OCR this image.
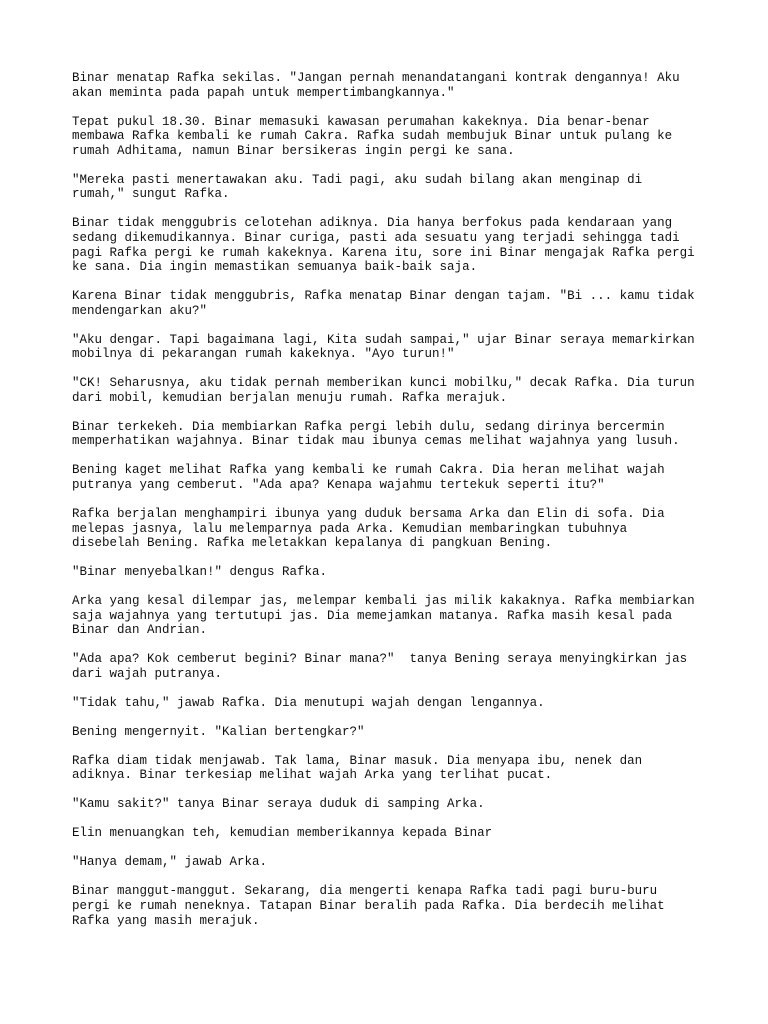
Binar menatap Rafka sekilas. "Jangan pernah menandatangani kontrak dengannya! Aku
akan meminta pada papah untuk mempertimbangkannya."

Tepat pukul 18.30. Binar memasuki kawasan perumahan kakeknya. Dia benar-benar
membawa Rafka kembali ke rumah Cakra. Rafka sudah membujuk Binar untuk pulang ke
rumah Adhitama, namun Binar bersikeras ingin pergi ke sana.

"Mereka pasti menertawakan aku. Tadi pagi, aku sudah bilang akan menginap di
rumah," sungut Rafka.

Binar tidak menggubris celotehan adiknya. Dia hanya berfokus pada kendaraan yang
sedang dikemudikannya. Binar curiga, pasti ada sesuatu yang terjadi sehingga tadi
pagi Rafka pergi ke rumah kakeknya. Karena itu, sore ini Binar mengajak Rafka pergi
ke sana. Dia ingin memastikan semuanya baik-baik saja.

Karena Binar tidak menggubris, Rafka menatap Binar dengan tajam. "Bi ... kamu tidak
mendengarkan aku?"

"Aku dengar. Tapi bagaimana lagi, Kita sudah sampai," ujar Binar seraya memarkirkan
mobilnya di pekarangan rumah kakeknya. "Ayo turun!"

"CK! Seharusnya, aku tidak pernah memberikan kunci mobilku," decak Rafka. Dia turun
dari mobil, kemudian berjalan menuju rumah. Rafka merajuk.

Binar terkekeh. Dia membiarkan Rafka pergi lebih dulu, sedang dirinya bercermin
memperhatikan wajahnya. Binar tidak mau ibunya cemas melihat wajahnya yang lusuh.

Bening kaget melihat Rafka yang kembali ke rumah Cakra. Dia heran melihat wajah
putranya yang cemberut. "Ada apa? Kenapa wajahmu tertekuk seperti itu?"

Rafka berjalan menghampiri ibunya yang duduk bersama Arka dan Elin di sofa. Dia
melepas jasnya, lalu melemparnya pada Arka. Kemudian membaringkan tubuhnya
disebelah Bening. Rafka meletakkan kepalanya di pangkuan Bening.

"Binar menyebalkan!" dengus Rafka.

Arka yang kesal dilempar jas, melempar kembali jas milik kakaknya. Rafka membiarkan
saja wajahnya yang tertutupi jas. Dia memejamkan matanya. Rafka masih kesal pada
Binar dan Andrian.

"Ada apa? Kok cemberut begini? Binar mana?"  tanya Bening seraya menyingkirkan jas
dari wajah putranya.

"Tidak tahu," jawab Rafka. Dia menutupi wajah dengan lengannya.

Bening mengernyit. "Kalian bertengkar?"

Rafka diam tidak menjawab. Tak lama, Binar masuk. Dia menyapa ibu, nenek dan
adiknya. Binar terkesiap melihat wajah Arka yang terlihat pucat.

"Kamu sakit?" tanya Binar seraya duduk di samping Arka.

Elin menuangkan teh, kemudian memberikannya kepada Binar

"Hanya demam," jawab Arka.

Binar manggut-manggut. Sekarang, dia mengerti kenapa Rafka tadi pagi buru-buru
pergi ke rumah neneknya. Tatapan Binar beralih pada Rafka. Dia berdecih melihat
Rafka yang masih merajuk.
